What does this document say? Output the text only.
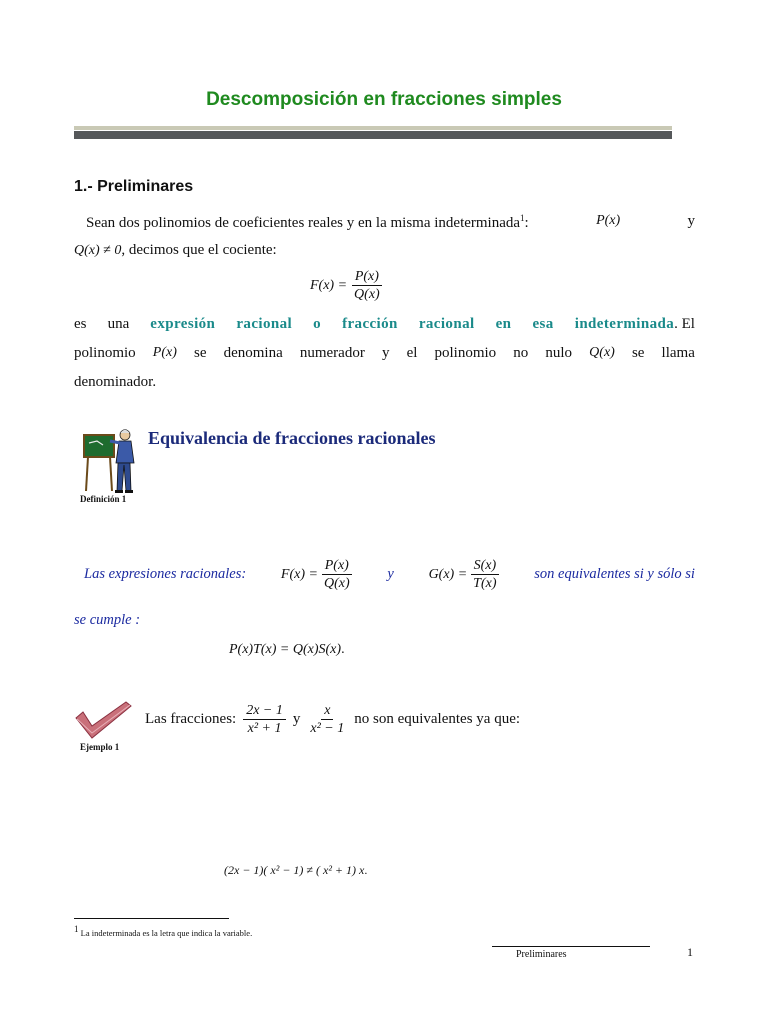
Descomposición en fracciones simples
1.- Preliminares
Sean dos polinomios de coeficientes reales y en la misma indeterminada$^1$:	P(x)	y
Q(x) ≠ 0, decimos que el cociente:
$F(x) = \frac{P(x)}{Q(x)}$
es una expresión racional o fracción racional en esa indeterminada. El
polinomio P(x) se denomina numerador y el polinomio no nulo Q(x) se llama
denominador.
Definición 1
Equivalencia de fracciones racionales
Las expresiones racionales: $F(x) = \frac{P(x)}{Q(x)}$ y $G(x) = \frac{S(x)}{T(x)}$ son equivalentes si y sólo si
se cumple :
P(x)T(x) = Q(x)S(x).
Ejemplo 1
Las fracciones: $\frac{2x - 1}{\text{x² + 1}}$ y $\frac{x}{\text{x² − 1}}$ no son equivalentes ya que:
(2x − 1)( x² − 1) ≠ ( x² + 1) x.
$^1$ La indeterminada es la letra que indica la variable.
Preliminares	1
